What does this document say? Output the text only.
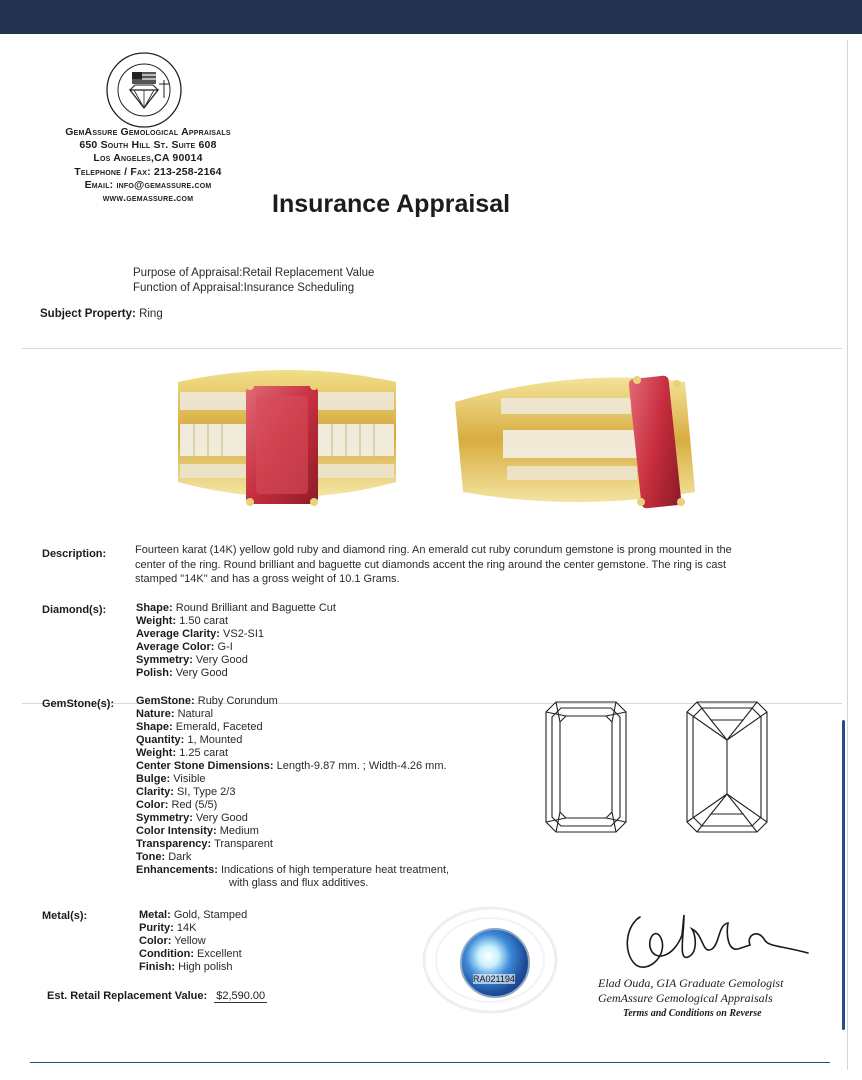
GemAssure Gemological Appraisals
650 South Hill St. Suite 608
Los Angeles,CA 90014
Telephone / Fax: 213-258-2164
Email: info@gemassure.com
www.gemassure.com	Insurance Appraisal
Purpose of Appraisal:Retail Replacement Value
Function of Appraisal:Insurance Scheduling
Subject Property: Ring
Description:	Fourteen karat (14K) yellow gold ruby and diamond ring. An emerald cut ruby corundum gemstone is prong mounted in the center of the ring. Round brilliant and baguette cut diamonds accent the ring around the center gemstone. The ring is cast stamped "14K" and has a gross weight of 10.1 Grams.
Diamond(s):	Shape: Round Brilliant and Baguette Cut
Weight: 1.50 carat
Average Clarity: VS2-SI1
Average Color: G-I
Symmetry: Very Good
Polish: Very Good
GemStone(s): GemStone: Ruby Corundum
Nature: Natural
Shape: Emerald, Faceted
Quantity: 1, Mounted
Weight: 1.25 carat
Center Stone Dimensions: Length-9.87 mm. ; Width-4.26 mm.
Bulge: Visible
Clarity: SI, Type 2/3
Color: Red (5/5)
Symmetry: Very Good
Color Intensity: Medium
Transparency: Transparent
Tone: Dark
Enhancements: Indications of high temperature heat treatment,
with glass and flux additives.
Metal(s):	Metal: Gold, Stamped
Purity: 14K
Color: Yellow
Condition: Excellent
Finish: High polish
RA021194	Elad Ouda, GIA Graduate Gemologist
GemAssure Gemological Appraisals
Terms and Conditions on Reverse
Est. Retail Replacement Value: $2,590.00
